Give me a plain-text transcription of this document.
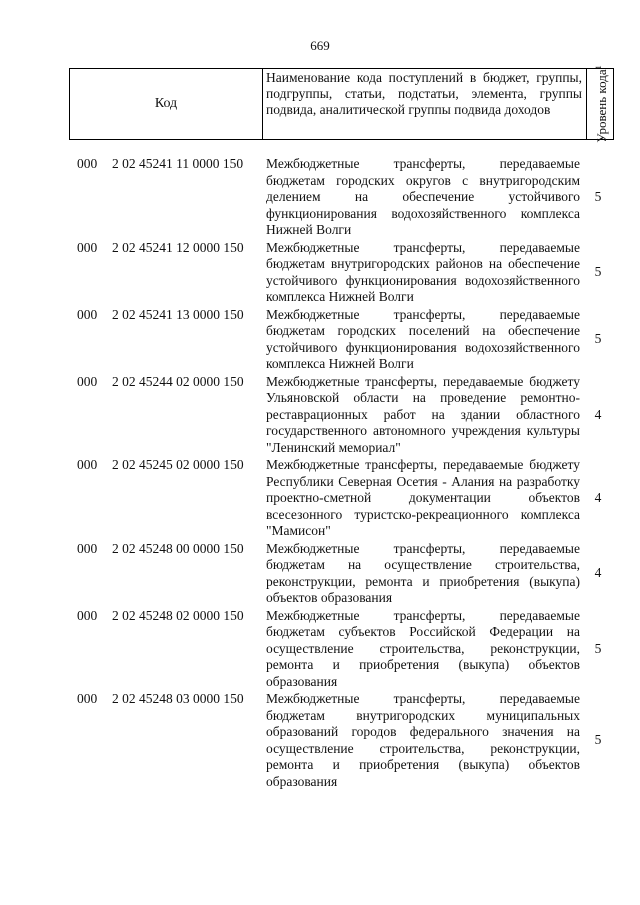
669
Код
Наименование кода поступлений в бюджет, группы, подгруппы, статьи, подстатьи, элемента, группы подвида, аналитической группы подвида доходов	Уровень кода$^1$
000 2 02 45241 11 0000 150 Межбюджетные трансферты, передаваемые бюджетам городских округов с внутригородским делением на обеспечение устойчивого функционирования водохозяйственного комплекса Нижней Волги
5
000 2 02 45241 12 0000 150 Межбюджетные трансферты, передаваемые бюджетам внутригородских районов на обеспечение устойчивого функционирования водохозяйственного комплекса Нижней Волги
5
000 2 02 45241 13 0000 150 Межбюджетные трансферты, передаваемые бюджетам городских поселений на обеспечение устойчивого функционирования водохозяйственного комплекса Нижней Волги
5
000 2 02 45244 02 0000 150 Межбюджетные трансферты, передаваемые бюджету Ульяновской области на проведение ремонтно-реставрационных работ на здании областного государственного автономного учреждения культуры "Ленинский мемориал"
4
000 2 02 45245 02 0000 150 Межбюджетные трансферты, передаваемые бюджету Республики Северная Осетия - Алания на разработку проектно-сметной документации объектов всесезонного туристско-рекреационного комплекса "Мамисон"
4
000 2 02 45248 00 0000 150 Межбюджетные трансферты, передаваемые бюджетам на осуществление строительства, реконструкции, ремонта и приобретения (выкупа) объектов образования
4
000 2 02 45248 02 0000 150 Межбюджетные трансферты, передаваемые бюджетам субъектов Российской Федерации на осуществление строительства, реконструкции, ремонта и приобретения (выкупа) объектов образования
5
000 2 02 45248 03 0000 150 Межбюджетные трансферты, передаваемые бюджетам внутригородских муниципальных образований городов федерального значения на осуществление строительства, реконструкции, ремонта и приобретения (выкупа) объектов образования
5
